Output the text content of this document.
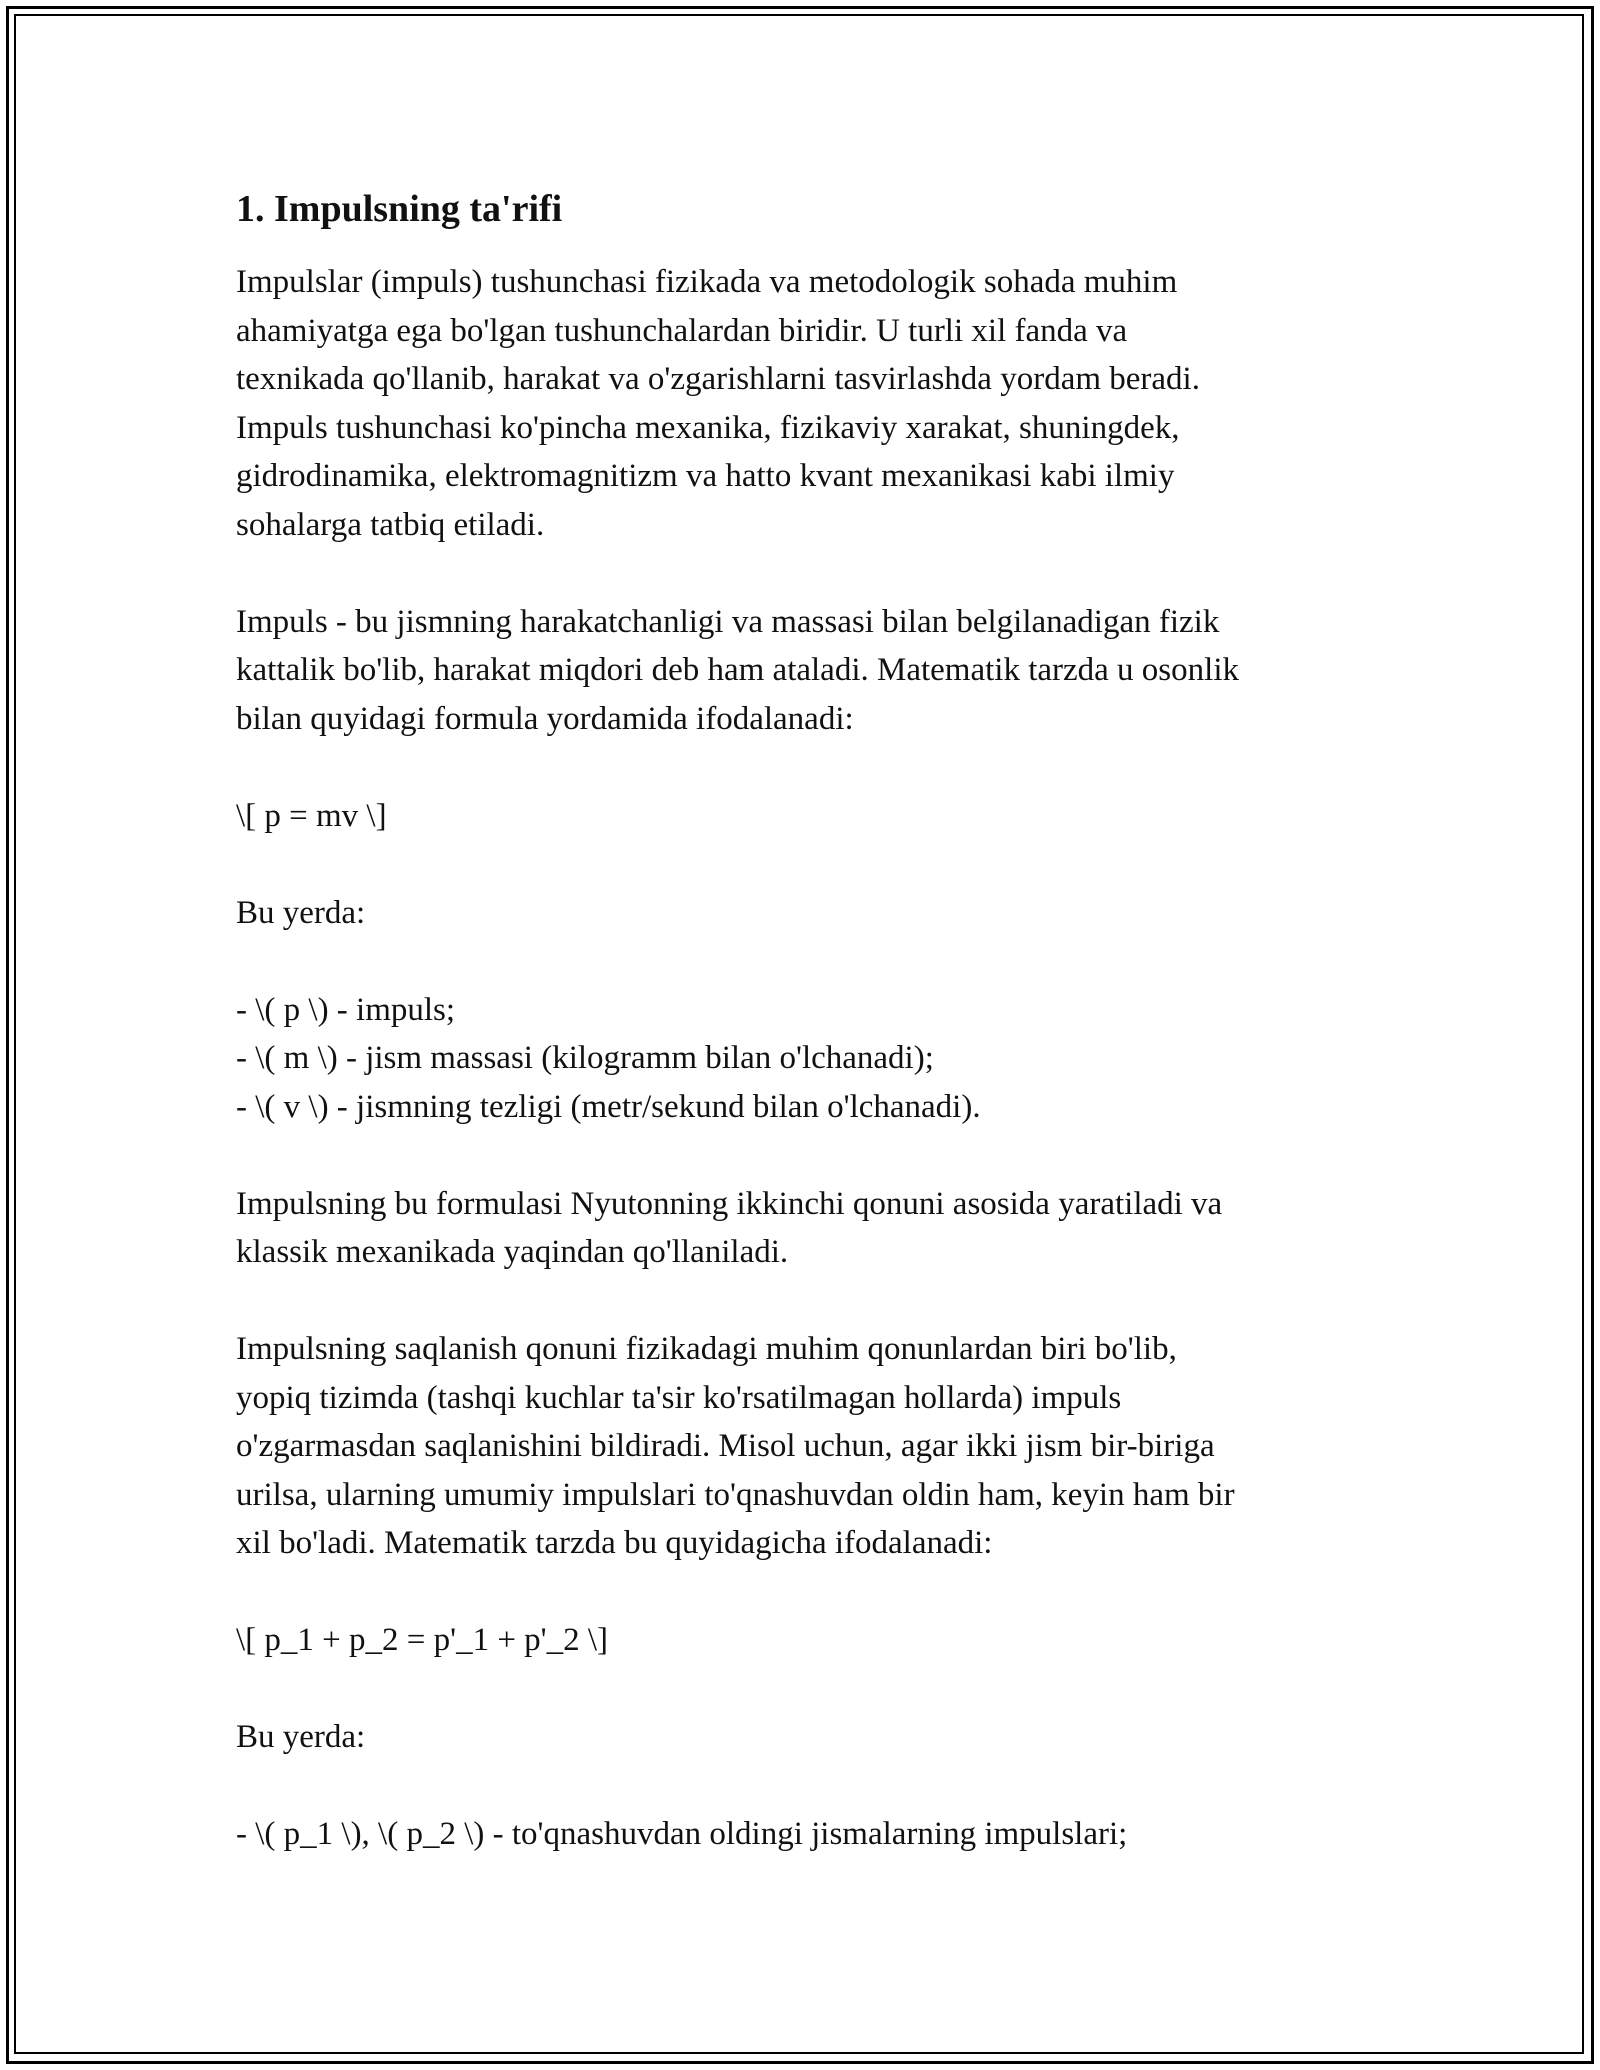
1. Impulsning ta'rifi

Impulslar (impuls) tushunchasi fizikada va metodologik sohada muhim
ahamiyatga ega bo'lgan tushunchalardan biridir. U turli xil fanda va
texnikada qo'llanib, harakat va o'zgarishlarni tasvirlashda yordam beradi.
Impuls tushunchasi ko'pincha mexanika, fizikaviy xarakat, shuningdek,
gidrodinamika, elektromagnitizm va hatto kvant mexanikasi kabi ilmiy
sohalarga tatbiq etiladi.

Impuls - bu jismning harakatchanligi va massasi bilan belgilanadigan fizik
kattalik bo'lib, harakat miqdori deb ham ataladi. Matematik tarzda u osonlik
bilan quyidagi formula yordamida ifodalanadi:

\[ p = mv \]

Bu yerda:

- \( p \) - impuls;
- \( m \) - jism massasi (kilogramm bilan o'lchanadi);
- \( v \) - jismning tezligi (metr/sekund bilan o'lchanadi).

Impulsning bu formulasi Nyutonning ikkinchi qonuni asosida yaratiladi va
klassik mexanikada yaqindan qo'llaniladi.

Impulsning saqlanish qonuni fizikadagi muhim qonunlardan biri bo'lib,
yopiq tizimda (tashqi kuchlar ta'sir ko'rsatilmagan hollarda) impuls
o'zgarmasdan saqlanishini bildiradi. Misol uchun, agar ikki jism bir-biriga
urilsa, ularning umumiy impulslari to'qnashuvdan oldin ham, keyin ham bir
xil bo'ladi. Matematik tarzda bu quyidagicha ifodalanadi:

\[ p_1 + p_2 = p'_1 + p'_2 \]

Bu yerda:

- \( p_1 \), \( p_2 \) - to'qnashuvdan oldingi jismalarning impulslari;
